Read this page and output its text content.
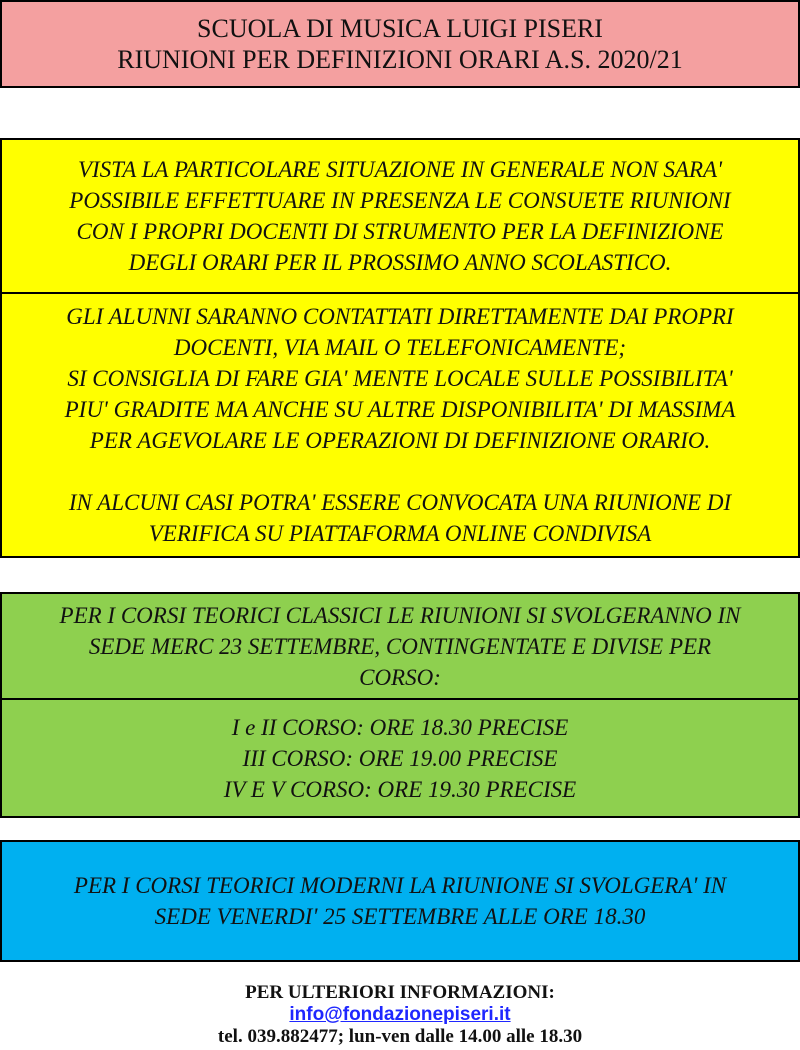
SCUOLA DI MUSICA LUIGI PISERI
RIUNIONI PER DEFINIZIONI ORARI A.S. 2020/21
VISTA LA PARTICOLARE SITUAZIONE IN GENERALE NON SARA'
POSSIBILE EFFETTUARE IN PRESENZA LE CONSUETE RIUNIONI
CON I PROPRI DOCENTI DI STRUMENTO PER LA DEFINIZIONE
DEGLI ORARI PER IL PROSSIMO ANNO SCOLASTICO.
GLI ALUNNI SARANNO CONTATTATI DIRETTAMENTE DAI PROPRI
DOCENTI, VIA MAIL O TELEFONICAMENTE;
SI CONSIGLIA DI FARE GIA' MENTE LOCALE SULLE POSSIBILITA'
PIU' GRADITE MA ANCHE SU ALTRE DISPONIBILITA' DI MASSIMA
PER AGEVOLARE LE OPERAZIONI DI DEFINIZIONE ORARIO.
IN ALCUNI CASI POTRA' ESSERE CONVOCATA UNA RIUNIONE DI
VERIFICA SU PIATTAFORMA ONLINE CONDIVISA
PER I CORSI TEORICI CLASSICI LE RIUNIONI SI SVOLGERANNO IN
SEDE MERC 23 SETTEMBRE, CONTINGENTATE E DIVISE PER
CORSO:
I e II CORSO: ORE 18.30 PRECISE
III CORSO: ORE 19.00 PRECISE
IV E V CORSO: ORE 19.30 PRECISE
PER I CORSI TEORICI MODERNI LA RIUNIONE SI SVOLGERA' IN
SEDE VENERDI' 25 SETTEMBRE ALLE ORE 18.30
PER ULTERIORI INFORMAZIONI:
info@fondazionepiseri.it
tel. 039.882477; lun-ven dalle 14.00 alle 18.30
